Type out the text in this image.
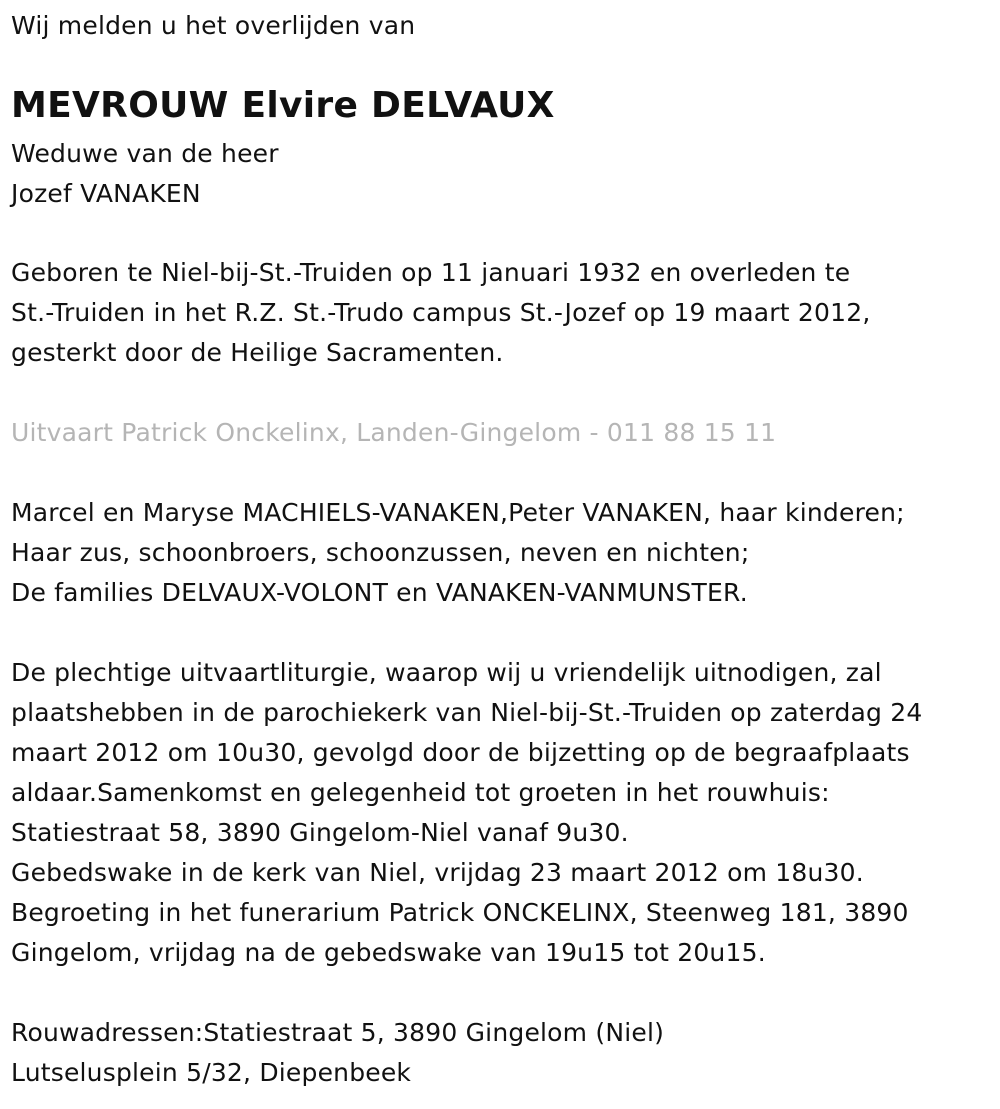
Wij melden u het overlijden van
MEVROUW Elvire DELVAUX
Weduwe van de heer
Jozef VANAKEN
Geboren te Niel-bij-St.-Truiden op 11 januari 1932 en overleden te
St.-Truiden in het R.Z. St.-Trudo campus St.-Jozef op 19 maart 2012,
gesterkt door de Heilige Sacramenten.
Uitvaart Patrick Onckelinx, Landen-Gingelom - 011 88 15 11
Marcel en Maryse MACHIELS-VANAKEN,Peter VANAKEN, haar kinderen;
Haar zus, schoonbroers, schoonzussen, neven en nichten;
De families DELVAUX-VOLONT en VANAKEN-VANMUNSTER.
De plechtige uitvaartliturgie, waarop wij u vriendelijk uitnodigen, zal
plaatshebben in de parochiekerk van Niel-bij-St.-Truiden op zaterdag 24
maart 2012 om 10u30, gevolgd door de bijzetting op de begraafplaats
aldaar.Samenkomst en gelegenheid tot groeten in het rouwhuis:
Statiestraat 58, 3890 Gingelom-Niel vanaf 9u30.
Gebedswake in de kerk van Niel, vrijdag 23 maart 2012 om 18u30.
Begroeting in het funerarium Patrick ONCKELINX, Steenweg 181, 3890
Gingelom, vrijdag na de gebedswake van 19u15 tot 20u15.
Rouwadressen:Statiestraat 5, 3890 Gingelom (Niel)
Lutselusplein 5/32, Diepenbeek
